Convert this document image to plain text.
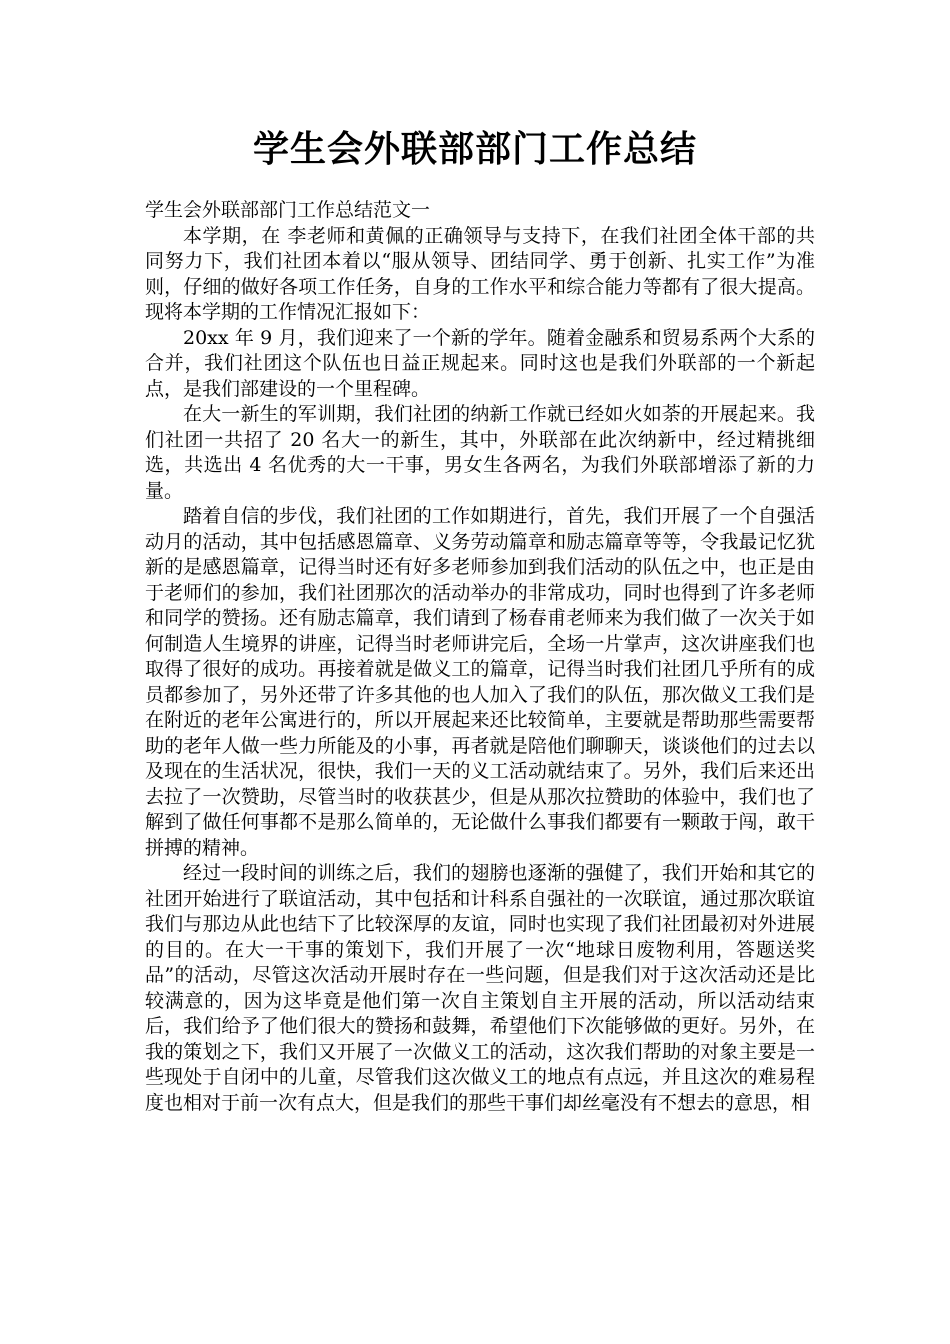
学生会外联部部门工作总结

学生会外联部部门工作总结范文一

本学期，在 李老师和黄佩的正确领导与支持下，在我们社团全体干部的共同努力下，我们社团本着以“服从领导、团结同学、勇于创新、扎实工作”为准则，仔细的做好各项工作任务，自身的工作水平和综合能力等都有了很大提高。现将本学期的工作情况汇报如下：

20xx 年 9 月，我们迎来了一个新的学年。随着金融系和贸易系两个大系的合并，我们社团这个队伍也日益正规起来。同时这也是我们外联部的一个新起点，是我们部建设的一个里程碑。

在大一新生的军训期，我们社团的纳新工作就已经如火如荼的开展起来。我们社团一共招了 20 名大一的新生，其中，外联部在此次纳新中，经过精挑细选，共选出 4 名优秀的大一干事，男女生各两名，为我们外联部增添了新的力量。

踏着自信的步伐，我们社团的工作如期进行，首先，我们开展了一个自强活动月的活动，其中包括感恩篇章、义务劳动篇章和励志篇章等等，令我最记忆犹新的是感恩篇章，记得当时还有好多老师参加到我们活动的队伍之中，也正是由于老师们的参加，我们社团那次的活动举办的非常成功，同时也得到了许多老师和同学的赞扬。还有励志篇章，我们请到了杨春甫老师来为我们做了一次关于如何制造人生境界的讲座，记得当时老师讲完后，全场一片掌声，这次讲座我们也取得了很好的成功。再接着就是做义工的篇章，记得当时我们社团几乎所有的成员都参加了，另外还带了许多其他的也人加入了我们的队伍，那次做义工我们是在附近的老年公寓进行的，所以开展起来还比较简单，主要就是帮助那些需要帮助的老年人做一些力所能及的小事，再者就是陪他们聊聊天，谈谈他们的过去以及现在的生活状况，很快，我们一天的义工活动就结束了。另外，我们后来还出去拉了一次赞助，尽管当时的收获甚少，但是从那次拉赞助的体验中，我们也了解到了做任何事都不是那么简单的，无论做什么事我们都要有一颗敢于闯，敢干拼搏的精神。

经过一段时间的训练之后，我们的翅膀也逐渐的强健了，我们开始和其它的社团开始进行了联谊活动，其中包括和计科系自强社的一次联谊，通过那次联谊我们与那边从此也结下了比较深厚的友谊，同时也实现了我们社团最初对外进展的目的。在大一干事的策划下，我们开展了一次“地球日废物利用，答题送奖品”的活动，尽管这次活动开展时存在一些问题，但是我们对于这次活动还是比较满意的，因为这毕竟是他们第一次自主策划自主开展的活动，所以活动结束后，我们给予了他们很大的赞扬和鼓舞，希望他们下次能够做的更好。另外，在我的策划之下，我们又开展了一次做义工的活动，这次我们帮助的对象主要是一些现处于自闭中的儿童，尽管我们这次做义工的地点有点远，并且这次的难易程度也相对于前一次有点大，但是我们的那些干事们却丝毫没有不想去的意思，相
